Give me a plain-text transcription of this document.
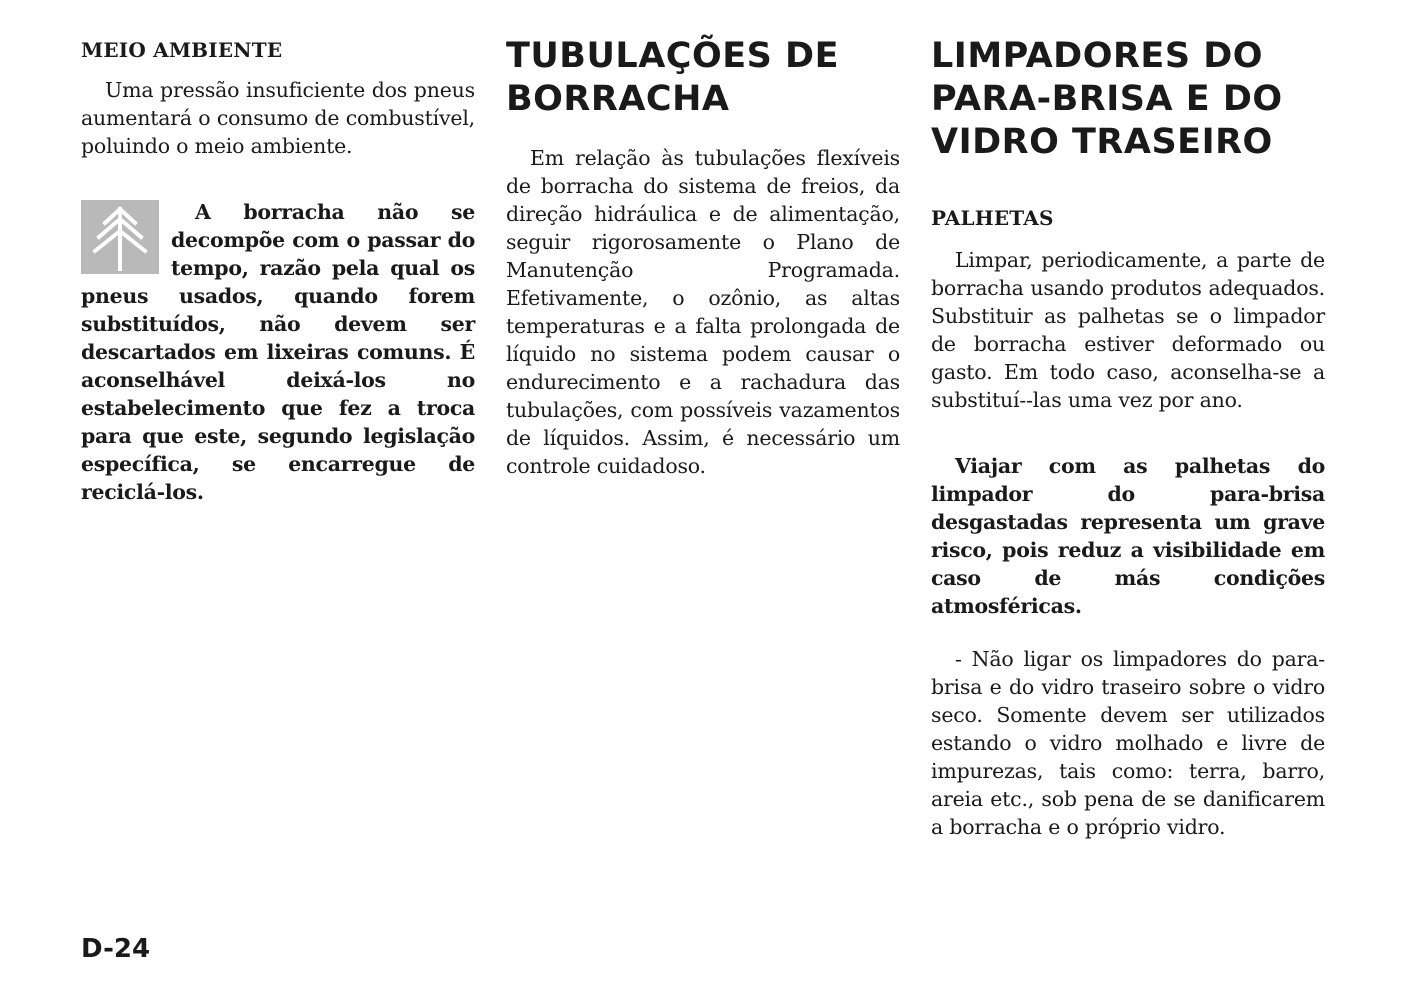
MEIO AMBIENTE

Uma pressão insuficiente dos pneus aumentará o consumo de combustível, poluindo o meio ambiente.

A borracha não se decompõe com o passar do tempo, razão pela qual os pneus usados, quando forem substituídos, não devem ser descartados em lixeiras comuns. É aconselhável deixá-los no estabelecimento que fez a troca para que este, segundo legislação específica, se encarregue de reciclá-los.

TUBULAÇÕES DE
BORRACHA

Em relação às tubulações flexíveis de borracha do sistema de freios, da direção hidráulica e de alimentação, seguir rigorosamente o Plano de Manutenção Programada. Efetivamente, o ozônio, as altas temperaturas e a falta prolongada de líquido no sistema podem causar o endurecimento e a rachadura das tubulações, com possíveis vazamentos de líquidos. Assim, é necessário um controle cuidadoso.

LIMPADORES DO
PARA-BRISA E DO
VIDRO TRASEIRO
PALHETAS

Limpar, periodicamente, a parte de borracha usando produtos adequados. Substituir as palhetas se o limpador de borracha estiver deformado ou gasto. Em todo caso, aconselha-se a substituí--las uma vez por ano.

Viajar com as palhetas do limpador do para-brisa desgastadas representa um grave risco, pois reduz a visibilidade em caso de más condições atmosféricas.

- Não ligar os limpadores do para-brisa e do vidro traseiro sobre o vidro seco. Somente devem ser utilizados estando o vidro molhado e livre de impurezas, tais como: terra, barro, areia etc., sob pena de se danificarem a borracha e o próprio vidro.

D-24
